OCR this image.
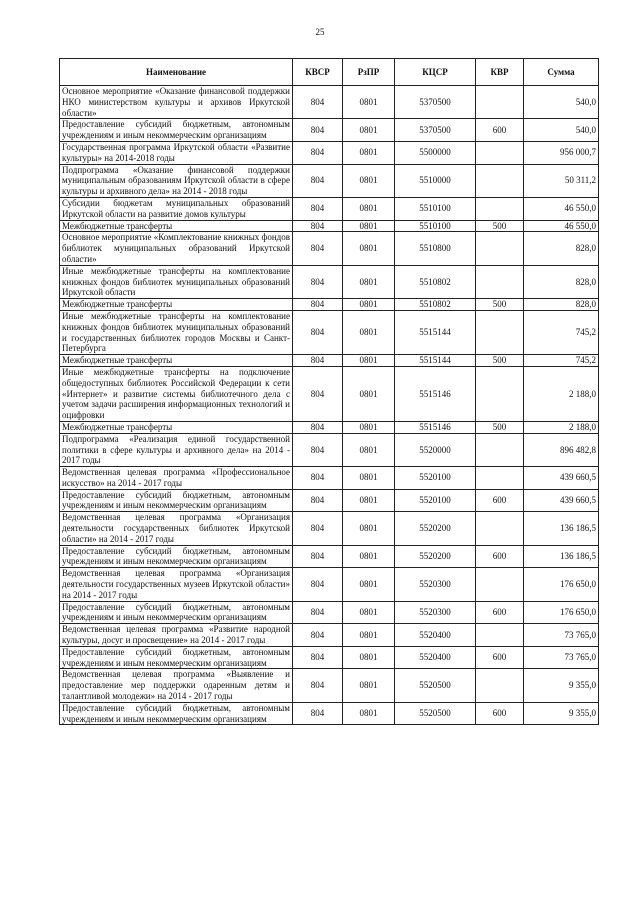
25
Наименование	КВСР	РзПР	КЦСР	КВР	Сумма
Основное мероприятие «Оказание финансовой поддержки НКО министерством культуры и архивов Иркутской области»	804	0801	5370500		540,0
Предоставление субсидий бюджетным, автономным учреждениям и иным некоммерческим организациям	804	0801	5370500	600	540,0
Государственная программа Иркутской области «Развитие культуры» на 2014-2018 годы	804	0801	5500000		956 000,7
Подпрограмма «Оказание финансовой поддержки муниципальным образованиям Иркутской области в сфере культуры и архивного дела» на 2014 - 2018 годы	804	0801	5510000		50 311,2
Субсидии бюджетам муниципальных образований Иркутской области на развитие домов культуры	804	0801	5510100		46 550,0
Межбюджетные трансферты	804	0801	5510100	500	46 550,0
Основное мероприятие «Комплектование книжных фондов библиотек муниципальных образований Иркутской области»	804	0801	5510800		828,0
Иные межбюджетные трансферты на комплектование книжных фондов библиотек муниципальных образований Иркутской области	804	0801	5510802		828,0
Межбюджетные трансферты	804	0801	5510802	500	828,0
Иные межбюджетные трансферты на комплектование книжных фондов библиотек муниципальных образований и государственных библиотек городов Москвы и Санкт-Петербурга	804	0801	5515144		745,2
Межбюджетные трансферты	804	0801	5515144	500	745,2
Иные межбюджетные трансферты на подключение общедоступных библиотек Российской Федерации к сети «Интернет» и развитие системы библиотечного дела с учетом задачи расширения информационных технологий и оцифровки	804	0801	5515146		2 188,0
Межбюджетные трансферты	804	0801	5515146	500	2 188,0
Подпрограмма «Реализация единой государственной политики в сфере культуры и архивного дела» на 2014 - 2017 годы	804	0801	5520000		896 482,8
Ведомственная целевая программа «Профессиональное искусство» на 2014 - 2017 годы	804	0801	5520100		439 660,5
Предоставление субсидий бюджетным, автономным учреждениям и иным некоммерческим организациям	804	0801	5520100	600	439 660,5
Ведомственная целевая программа «Организация деятельности государственных библиотек Иркутской области» на 2014 - 2017 годы	804	0801	5520200		136 186,5
Предоставление субсидий бюджетным, автономным учреждениям и иным некоммерческим организациям	804	0801	5520200	600	136 186,5
Ведомственная целевая программа «Организация деятельности государственных музеев Иркутской области» на 2014 - 2017 годы	804	0801	5520300		176 650,0
Предоставление субсидий бюджетным, автономным учреждениям и иным некоммерческим организациям	804	0801	5520300	600	176 650,0
Ведомственная целевая программа «Развитие народной культуры, досуг и просвещение» на 2014 - 2017 годы	804	0801	5520400		73 765,0
Предоставление субсидий бюджетным, автономным учреждениям и иным некоммерческим организациям	804	0801	5520400	600	73 765,0
Ведомственная целевая программа «Выявление и предоставление мер поддержки одаренным детям и талантливой молодежи» на 2014 - 2017 годы	804	0801	5520500		9 355,0
Предоставление субсидий бюджетным, автономным учреждениям и иным некоммерческим организациям	804	0801	5520500	600	9 355,0
